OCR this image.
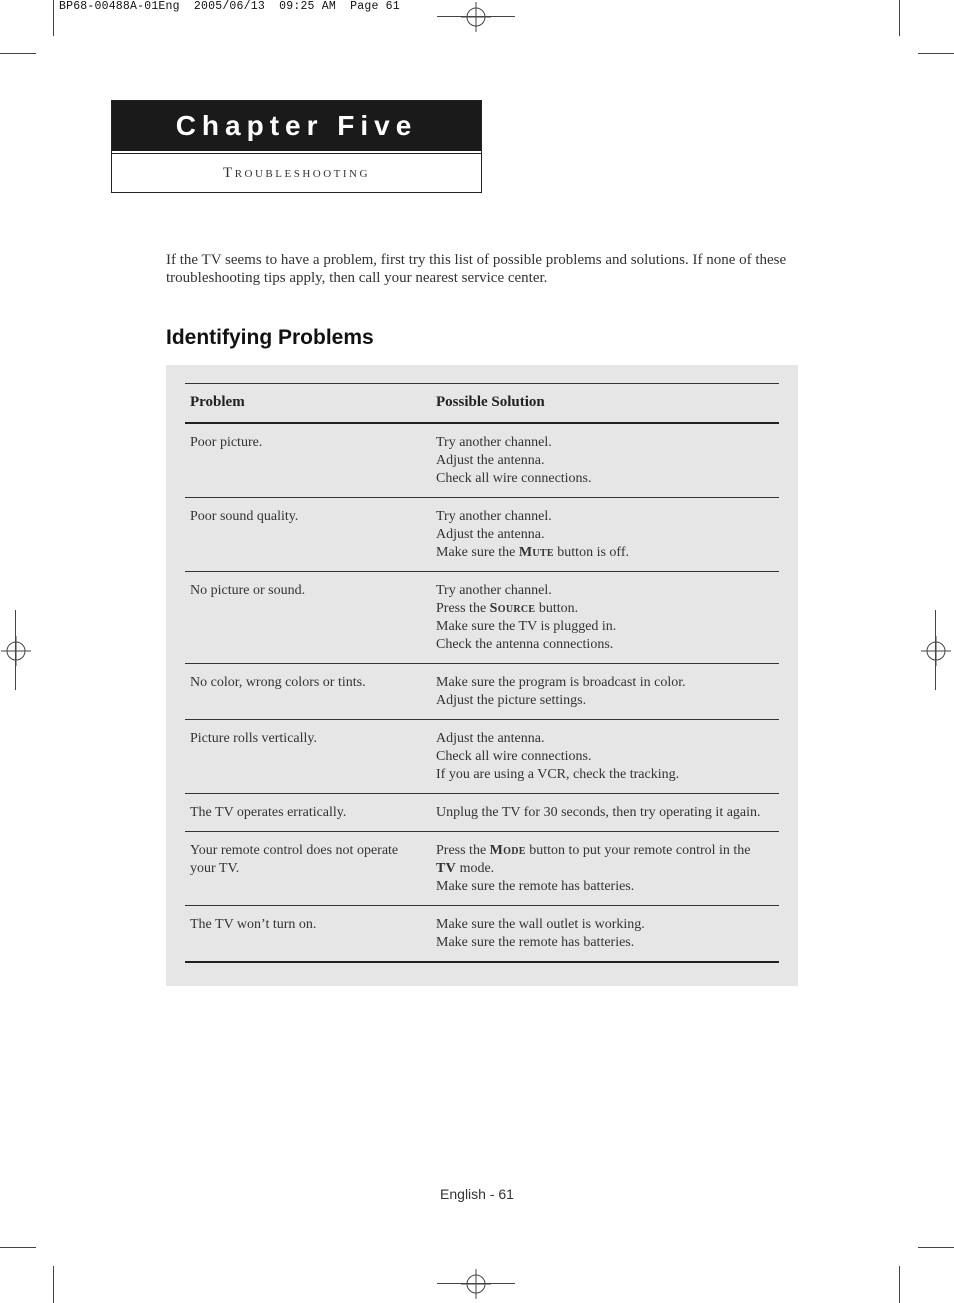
BP68-00488A-01Eng  2005/06/13  09:25 AM  Page 61
Chapter Five
Troubleshooting

If the TV seems to have a problem, first try this list of possible problems and solutions. If none of these troubleshooting tips apply, then call your nearest service center.

Identifying Problems
Problem	Possible Solution
Poor picture.	Try another channel.
Adjust the antenna.
Check all wire connections.

Poor sound quality.	Try another channel.
Adjust the antenna.
Make sure the Mute button is off.

No picture or sound.	Try another channel.
Press the Source button.
Make sure the TV is plugged in.
Check the antenna connections.

No color, wrong colors or tints.	Make sure the program is broadcast in color.
Adjust the picture settings.

Picture rolls vertically.	Adjust the antenna.
Check all wire connections.
If you are using a VCR, check the tracking.

The TV operates erratically.	Unplug the TV for 30 seconds, then try operating it again.

Your remote control does not operate your TV.	Press the Mode button to put your remote control in the TV mode.
Make sure the remote has batteries.

The TV won’t turn on.	Make sure the wall outlet is working.
Make sure the remote has batteries.
English - 61
